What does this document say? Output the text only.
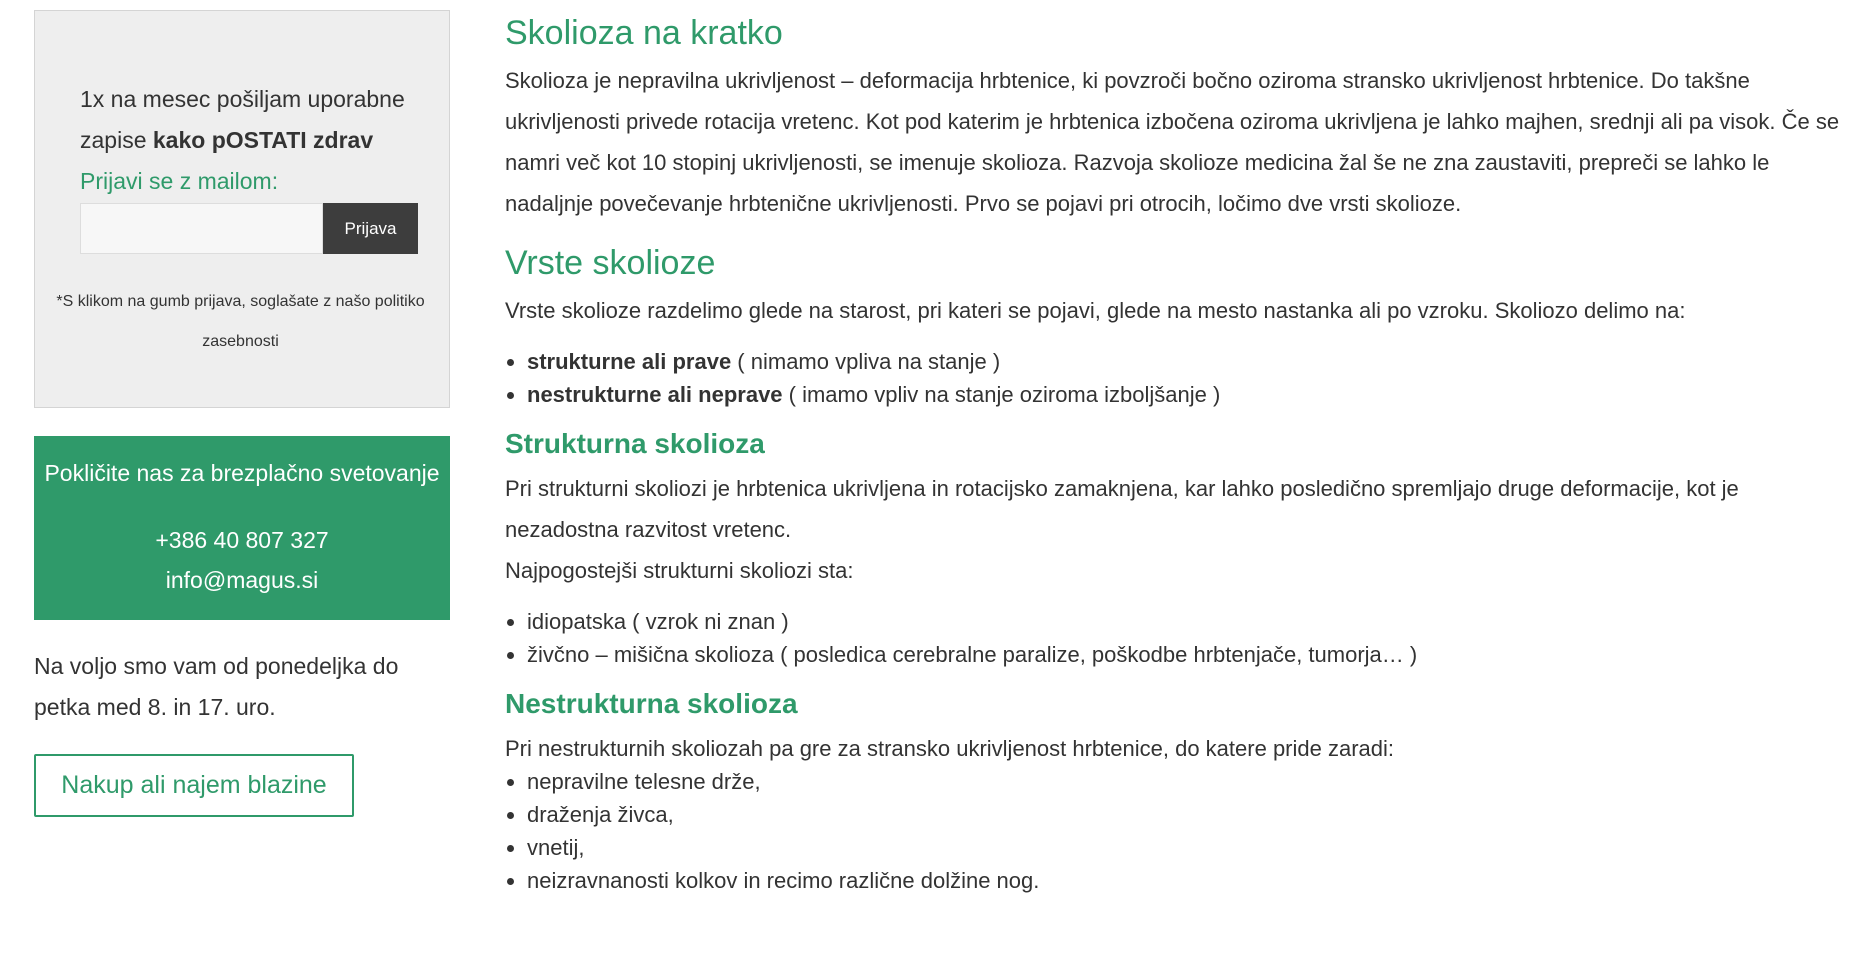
1x na mesec pošiljam uporabne zapise kako pOSTATI zdrav

Prijavi se z mailom:
Prijava

*S klikom na gumb prijava, soglašate z našo politiko zasebnosti

Pokličite nas za brezplačno svetovanje
+386 40 807 327
info@magus.si

Na voljo smo vam od ponedeljka do petka med 8. in 17. uro.

Nakup ali najem blazine
Skolioza na kratko

Skolioza je nepravilna ukrivljenost – deformacija hrbtenice, ki povzroči bočno oziroma stransko ukrivljenost hrbtenice. Do takšne ukrivljenosti privede rotacija vretenc. Kot pod katerim je hrbtenica izbočena oziroma ukrivljena je lahko majhen, srednji ali pa visok. Če se namri več kot 10 stopinj ukrivljenosti, se imenuje skolioza. Razvoja skolioze medicina žal še ne zna zaustaviti, prepreči se lahko le nadaljnje povečevanje hrbtenične ukrivljenosti. Prvo se pojavi pri otrocih, ločimo dve vrsti skolioze.

Vrste skolioze

Vrste skolioze razdelimo glede na starost, pri kateri se pojavi, glede na mesto nastanka ali po vzroku. Skoliozo delimo na:

• strukturne ali prave ( nimamo vpliva na stanje )
• nestrukturne ali neprave ( imamo vpliv na stanje oziroma izboljšanje )
Strukturna skolioza

Pri strukturni skoliozi je hrbtenica ukrivljena in rotacijsko zamaknjena, kar lahko posledično spremljajo druge deformacije, kot je nezadostna razvitost vretenc.

Najpogostejši strukturni skoliozi sta:

• idiopatska ( vzrok ni znan )
• živčno – mišična skolioza ( posledica cerebralne paralize, poškodbe hrbtenjače, tumorja… )
Nestrukturna skolioza

Pri nestrukturnih skoliozah pa gre za stransko ukrivljenost hrbtenice, do katere pride zaradi:

• nepravilne telesne drže,
• draženja živca,
• vnetij,
• neizravnanosti kolkov in recimo različne dolžine nog.
